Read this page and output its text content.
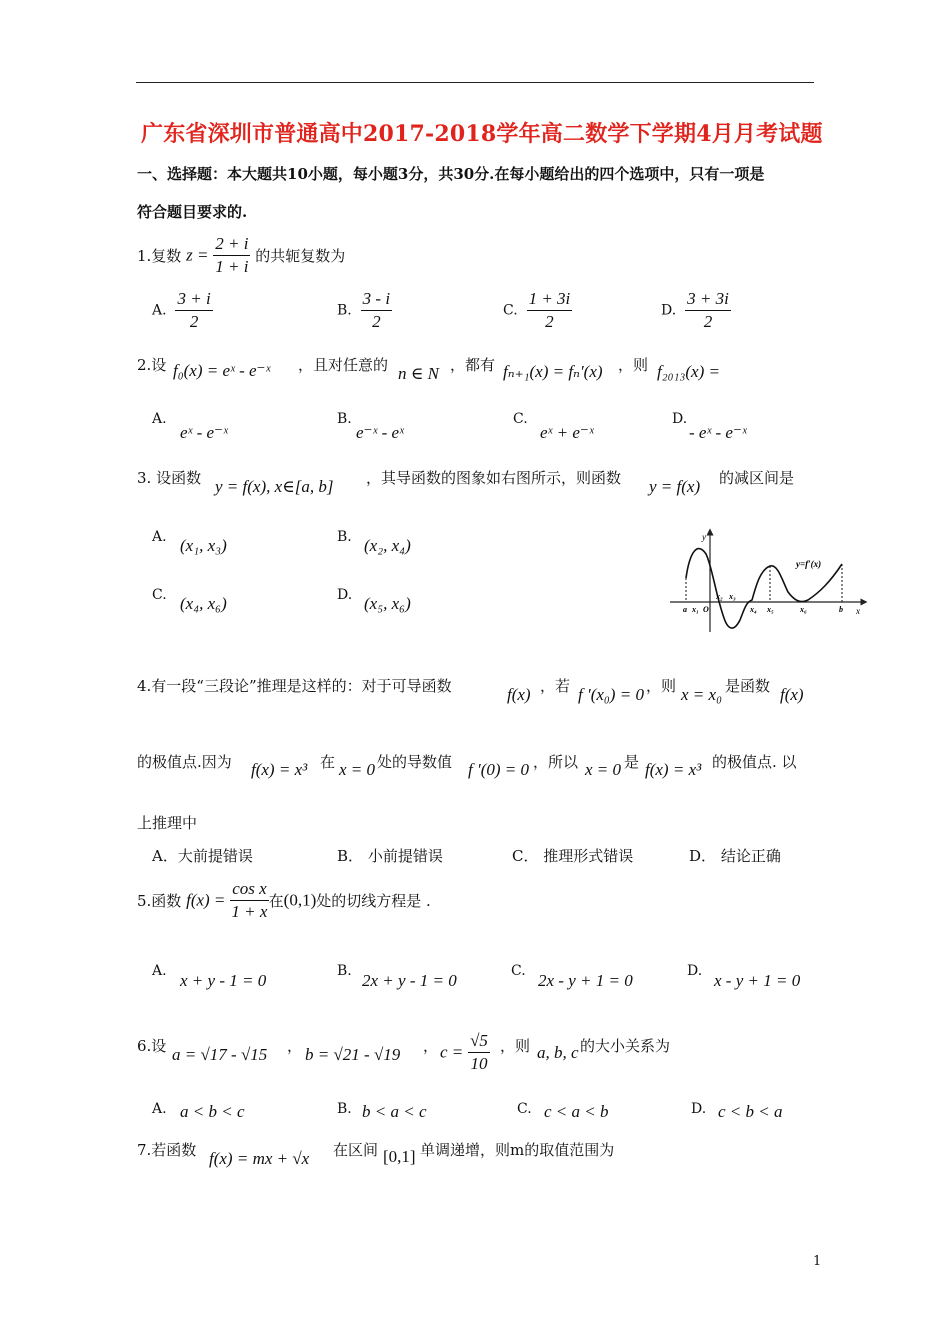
广东省深圳市普通高中2017-2018学年高二数学下学期4月月考试题
一、选择题：本大题共10小题，每小题3分，共30分.在每小题给出的四个选项中，只有一项是
符合题目要求的.
1.复数 $z = \frac{2 + i}{1 + i}$ 的共轭复数为
A. $\frac{3 + i}{2}$	B. $\frac{3 - i}{2}$	C. $\frac{1 + 3i}{2}$	D. $\frac{3 + 3i}{2}$
2.设 f₀(x) = eˣ - e⁻ˣ ，且对任意的 n ∈ N ，都有 fₙ₊₁(x) = fₙ′(x) ，则 f₂₀₁₃(x) =
A.
eˣ - e⁻ˣ
B.
e⁻ˣ - eˣ
C.
eˣ + e⁻ˣ
D.
- eˣ - e⁻ˣ
3. 设函数 y = f(x), x∈[a, b] ，其导函数的图象如右图所示，则函数 y = f(x) 的减区间是
A. (x₁, x₃)	B. (x₂, x₄)
C. (x₄, x₆)	D. (x₅, x₆)
y
x
y=f′(x)
a x₁ O
x₂ x₃
x₄ x₅	x₆	b
4.有一段“三段论”推理是这样的：对于可导函数	f(x) ，若 f ′(x₀) = 0 ，则 x = x₀ 是函数 f(x)
的极值点.因为 f(x) = x³ 在 x = 0 处的导数值 f ′(0) = 0 ，所以 x = 0 是 f(x) = x³ 的极值点. 以
上推理中
A．大前提错误	B． 小前提错误	C． 推理形式错误	D． 结论正确
5.函数 $f(x) = \frac{\text{cos x}}{1 + x}$ 在(0,1)处的切线方程是 .
A. x + y - 1 = 0	B. 2x + y - 1 = 0	C. 2x - y + 1 = 0	D. x - y + 1 = 0
6.设 a = √17 - √15 ， b = √21 - √19 ， $c = \frac{√5}{10}$ ，则 a, b, c 的大小关系为
A. a < b < c	B. b < a < c	C. c < a < b	D. c < b < a
7.若函数 f(x) = mx + √x 在区间 [0,1] 单调递增，则m的取值范围为
1
